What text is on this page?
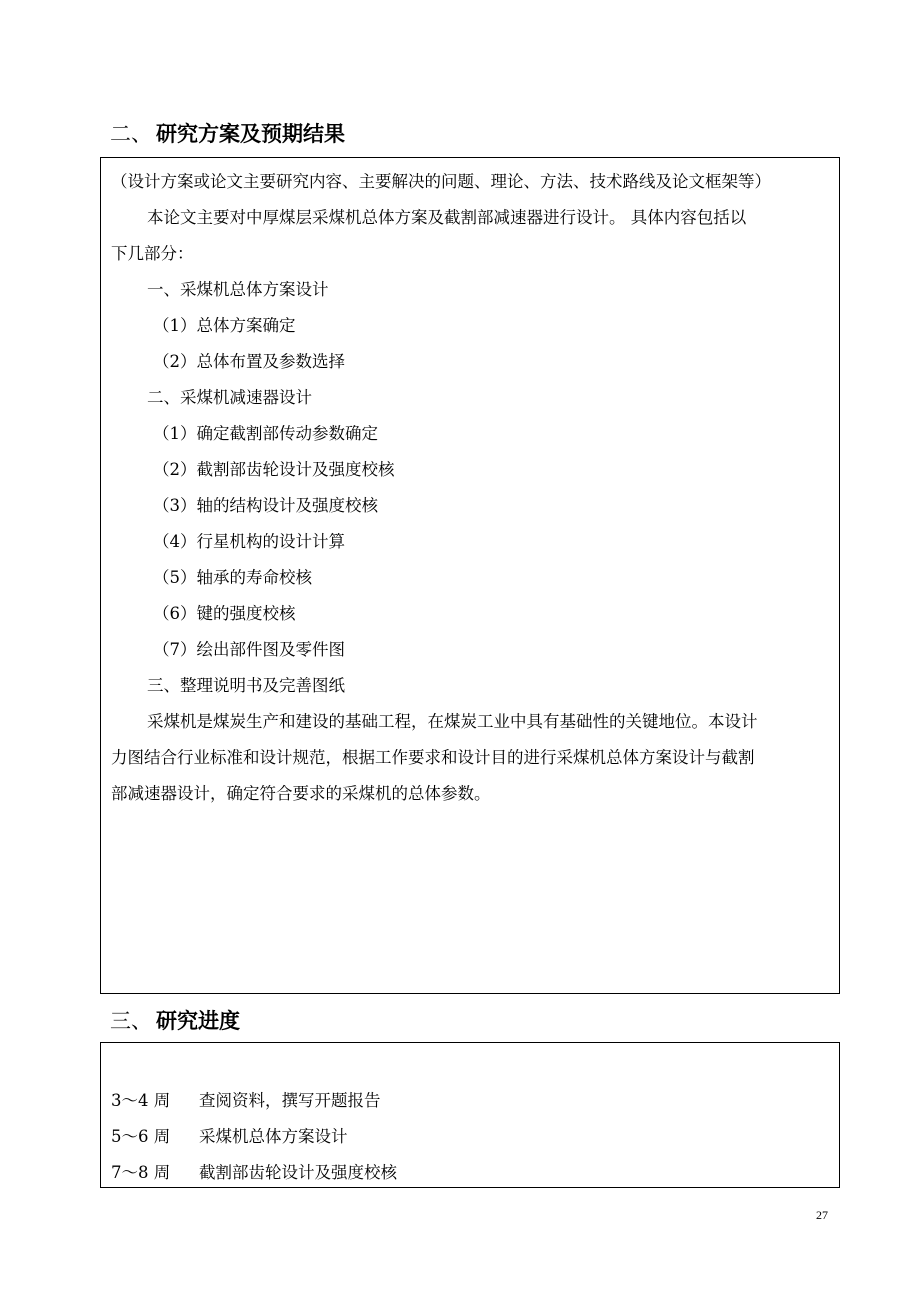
二、 研究方案及预期结果
（设计方案或论文主要研究内容、主要解决的问题、理论、方法、技术路线及论文框架等）
本论文主要对中厚煤层采煤机总体方案及截割部减速器进行设计。 具体内容包括以
下几部分：
一、采煤机总体方案设计
（1）总体方案确定
（2）总体布置及参数选择
二、采煤机减速器设计
（1）确定截割部传动参数确定
（2）截割部齿轮设计及强度校核
（3）轴的结构设计及强度校核
（4）行星机构的设计计算
（5）轴承的寿命校核
（6）键的强度校核
（7）绘出部件图及零件图
三、整理说明书及完善图纸
采煤机是煤炭生产和建设的基础工程，在煤炭工业中具有基础性的关键地位。本设计
力图结合行业标准和设计规范，根据工作要求和设计目的进行采煤机总体方案设计与截割
部减速器设计，确定符合要求的采煤机的总体参数。
三、 研究进度
3～4 周 查阅资料，撰写开题报告
5～6 周 采煤机总体方案设计
7～8 周 截割部齿轮设计及强度校核
27
